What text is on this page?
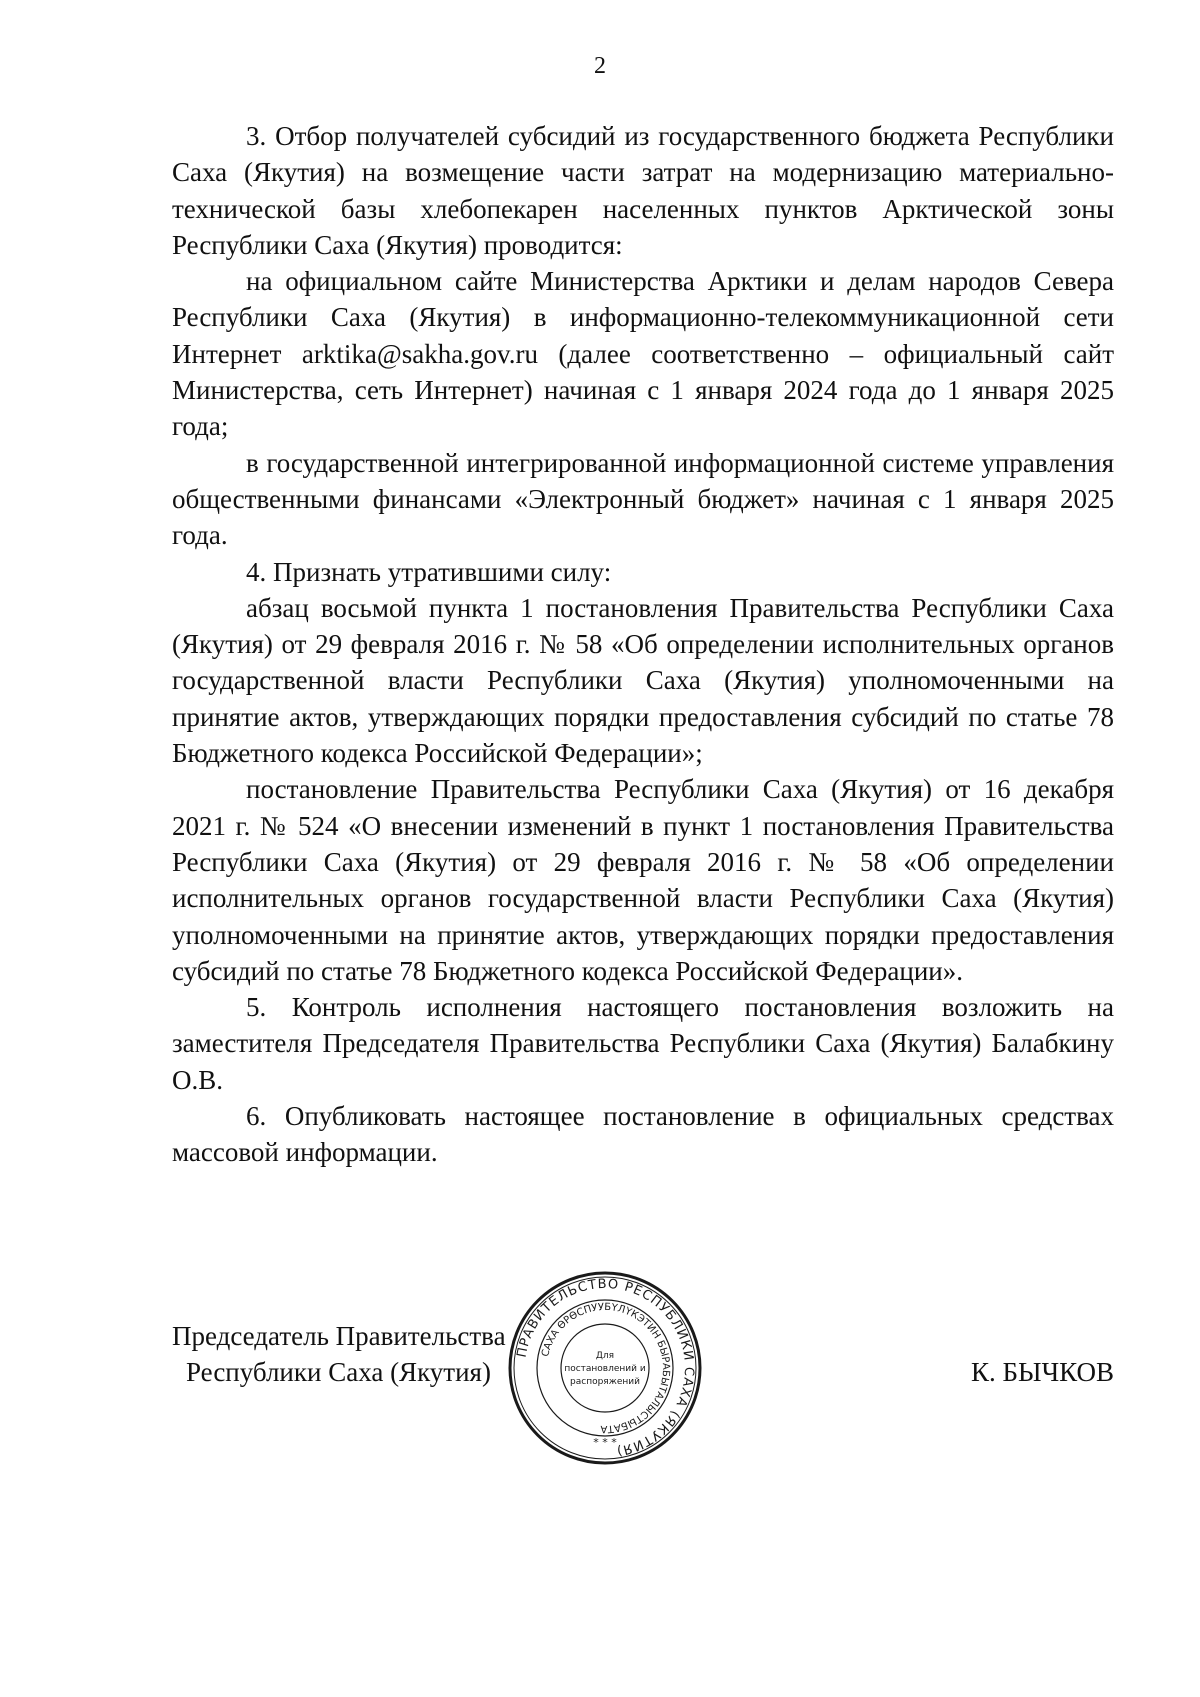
2

3. Отбор получателей субсидий из государственного бюджета Республики Саха (Якутия) на возмещение части затрат на модернизацию материально-технической базы хлебопекарен населенных пунктов Арктической зоны Республики Саха (Якутия) проводится:

на официальном сайте Министерства Арктики и делам народов Севера Республики Саха (Якутия) в информационно-телекоммуникационной сети Интернет arktika@sakha.gov.ru (далее соответственно – официальный сайт Министерства, сеть Интернет) начиная с 1 января 2024 года до 1 января 2025 года;

в государственной интегрированной информационной системе управления общественными финансами «Электронный бюджет» начиная с 1 января 2025 года.

4. Признать утратившими силу:

абзац восьмой пункта 1 постановления Правительства Республики Саха (Якутия) от 29 февраля 2016 г. № 58 «Об определении исполнительных органов государственной власти Республики Саха (Якутия) уполномоченными на принятие актов, утверждающих порядки предоставления субсидий по статье 78 Бюджетного кодекса Российской Федерации»;

постановление Правительства Республики Саха (Якутия) от 16 декабря 2021 г. № 524 «О внесении изменений в пункт 1 постановления Правительства Республики Саха (Якутия) от 29 февраля 2016 г. № 58 «Об определении исполнительных органов государственной власти Республики Саха (Якутия) уполномоченными на принятие актов, утверждающих порядки предоставления субсидий по статье 78 Бюджетного кодекса Российской Федерации».

5. Контроль исполнения настоящего постановления возложить на заместителя Председателя Правительства Республики Саха (Якутия) Балабкину О.В.

6. Опубликовать настоящее постановление в официальных средствах массовой информации.

Председатель Правительства
Республики Саха (Якутия)	К. БЫЧКОВ
ПРАВИТЕЛЬСТВО РЕСПУБЛИКИ САХА (ЯКУТИЯ)
САХА ӨРӨСПУУБҮЛҮКЭТИН БЫРАБЫТАЛЫСТЫБАТА
Для
постановлений и
распоряжений
* * *
